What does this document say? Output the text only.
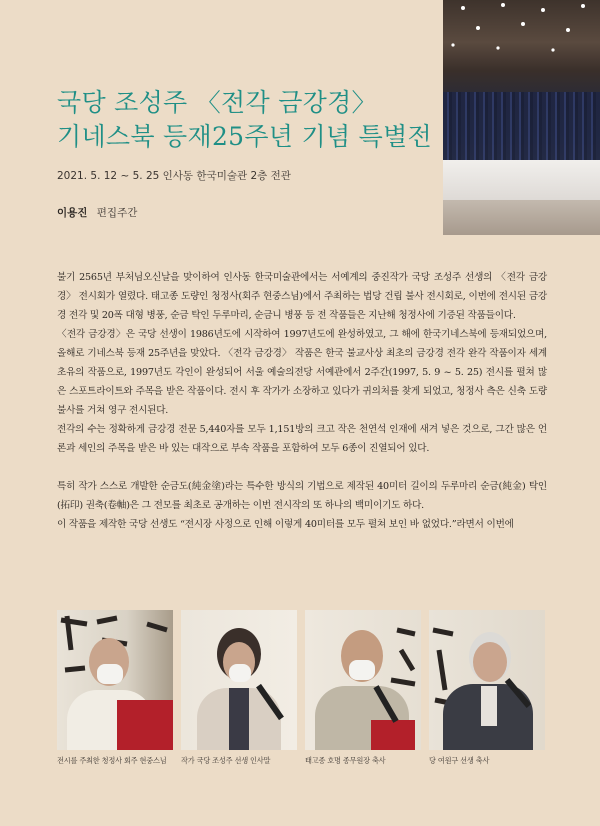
국당 조성주 〈전각 금강경〉
기네스북 등재25주년 기념 특별전
2021. 5. 12 ~ 5. 25 인사동 한국미술관 2층 전관
이용진 편집주간

불기 2565년 부처님오신날을 맞이하여 인사동 한국미술관에서는 서예계의 중진작가 국당 조성주 선생의 〈전각 금강경〉 전시회가 열렸다. 태고종 도량인 청정사(회주 현중스님)에서 주최하는 법당 건립 불사 전시회로, 이번에 전시된 금강경 전각 및 20폭 대형 병풍, 순금 탁인 두루마리, 순금니 병풍 등 전 작품들은 지난해 청정사에 기증된 작품들이다.

〈전각 금강경〉은 국당 선생이 1986년도에 시작하여 1997년도에 완성하였고, 그 해에 한국기네스북에 등재되었으며, 올해로 기네스북 등재 25주년을 맞았다. 〈전각 금강경〉 작품은 한국 불교사상 최초의 금강경 전각 완각 작품이자 세계 초유의 작품으로, 1997년도 각인이 완성되어 서울 예술의전당 서예관에서 2주간(1997, 5. 9 ~ 5. 25) 전시를 펼쳐 많은 스포트라이트와 주목을 받은 작품이다. 전시 후 작가가 소장하고 있다가 귀의처를 찾게 되었고, 청정사 측은 신축 도량 불사를 거쳐 영구 전시된다.

전각의 수는 정확하게 금강경 전문 5,440자를 모두 1,151방의 크고 작은 천연석 인재에 새겨 넣은 것으로, 그간 많은 언론과 세인의 주목을 받은 바 있는 대작으로 부속 작품을 포함하여 모두 6종이 진열되어 있다.

특히 작가 스스로 개발한 순금도(純金塗)라는 특수한 방식의 기법으로 제작된 40미터 길이의 두루마리 순금(純金) 탁인(拓印) 권축(卷軸)은 그 전모를 최초로 공개하는 이번 전시작의 또 하나의 백미이기도 하다.

이 작품을 제작한 국당 선생도 “전시장 사정으로 인해 이렇게 40미터를 모두 펼쳐 보인 바 없었다.”라면서 이번에

전시를 주최한 청정사 회주 현중스님	작가 국당 조성주 선생 인사말	태고종 호명 종무원장 축사	당 여원구 선생 축사
